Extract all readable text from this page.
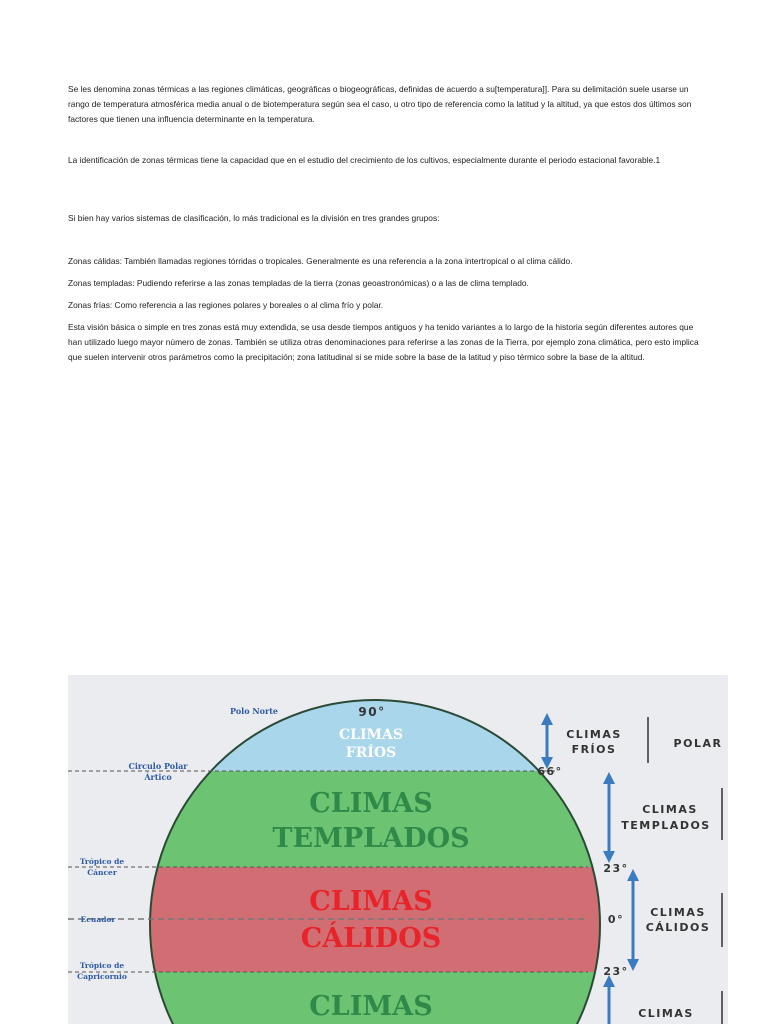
Se les denomina zonas térmicas a las regiones climáticas, geográficas o biogeográficas, definidas de acuerdo a su[temperatura]]. Para su delimitación suele usarse un rango de temperatura atmosférica media anual o de biotemperatura según sea el caso, u otro tipo de referencia como la latitud y la altitud, ya que estos dos últimos son factores que tienen una influencia determinante en la temperatura.

La identificación de zonas térmicas tiene la capacidad que en el estudio del crecimiento de los cultivos, especialmente durante el periodo estacional favorable.1

Si bien hay varios sistemas de clasificación, lo más tradicional es la división en tres grandes grupos:

Zonas cálidas: También llamadas regiones tórridas o tropicales. Generalmente es una referencia a la zona intertropical o al clima cálido.

Zonas templadas: Pudiendo referirse a las zonas templadas de la tierra (zonas geoastronómicas) o a las de clima templado.

Zonas frías: Como referencia a las regiones polares y boreales o al clima frío y polar.

Esta visión básica o simple en tres zonas está muy extendida, se usa desde tiempos antiguos y ha tenido variantes a lo largo de la historia según diferentes autores que han utilizado luego mayor número de zonas. También se utiliza otras denominaciones para referirse a las zonas de la Tierra, por ejemplo zona climática, pero esto implica que suelen intervenir otros parámetros como la precipitación; zona latitudinal si se mide sobre la base de la latitud y piso térmico sobre la base de la altitud.

Polo Norte
Circulo Polar
Ártico
Trópico de
Cáncer
Ecuador
Trópico de
Capricornio
90°
66°
23°
0°
23°
CLIMAS
FRÍOS
CLIMAS
TEMPLADOS
CLIMAS
CÁLIDOS
CLIMAS
CLIMAS
FRÍOS	POLAR
CLIMAS
TEMPLADOS
CLIMAS
CÁLIDOS
CLIMAS
